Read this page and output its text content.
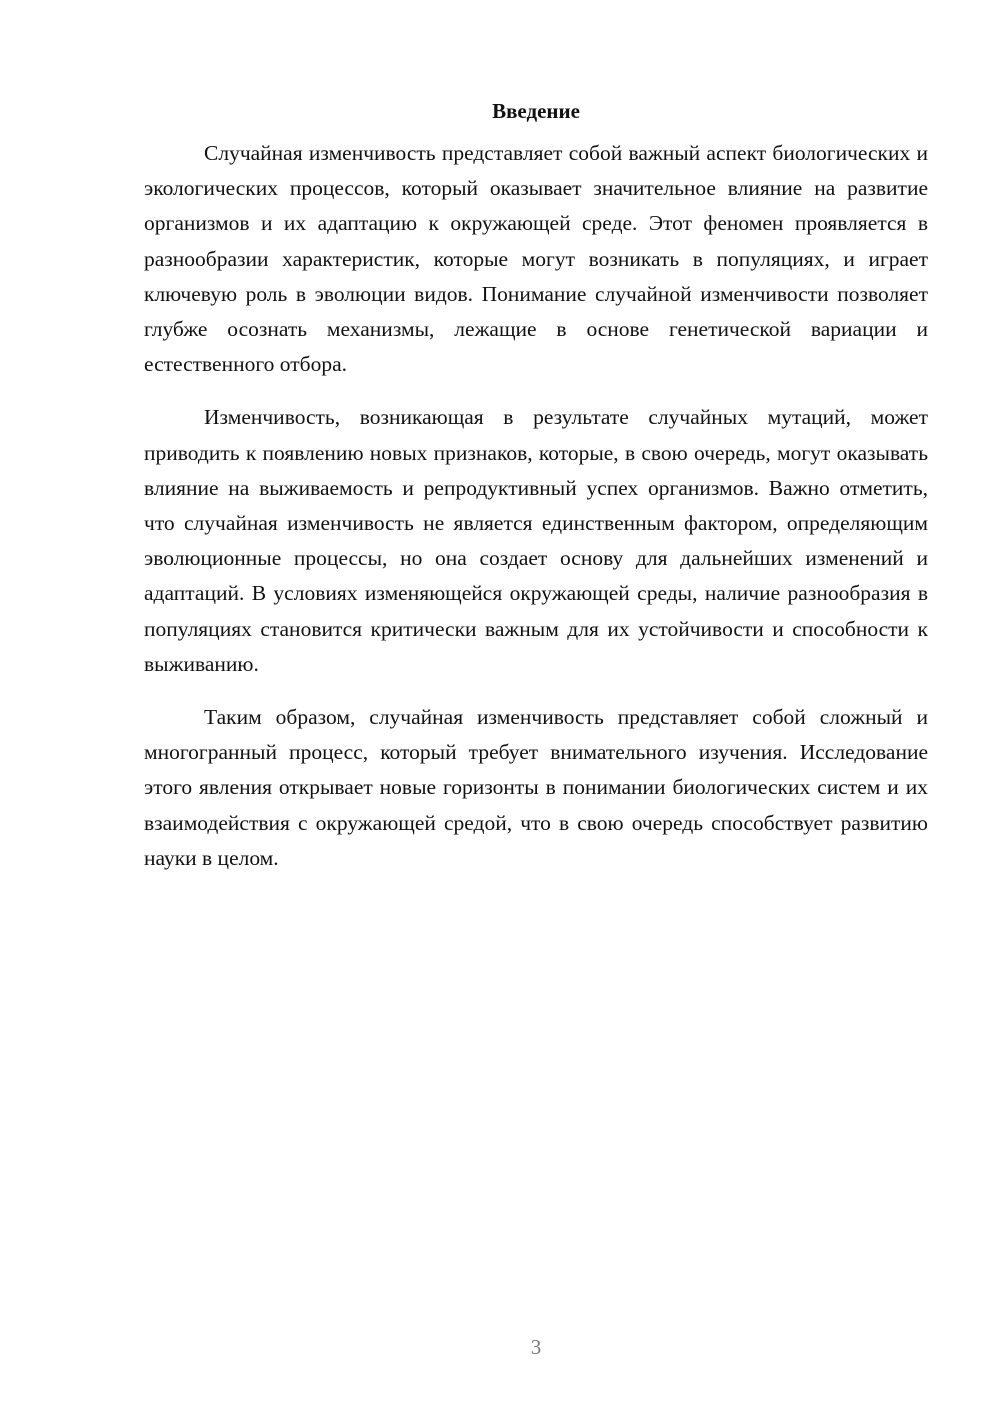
Введение

Случайная изменчивость представляет собой важный аспект биологических и экологических процессов, который оказывает значительное влияние на развитие организмов и их адаптацию к окружающей среде. Этот феномен проявляется в разнообразии характеристик, которые могут возникать в популяциях, и играет ключевую роль в эволюции видов. Понимание случайной изменчивости позволяет глубже осознать механизмы, лежащие в основе генетической вариации и естественного отбора.

Изменчивость, возникающая в результате случайных мутаций, может приводить к появлению новых признаков, которые, в свою очередь, могут оказывать влияние на выживаемость и репродуктивный успех организмов. Важно отметить, что случайная изменчивость не является единственным фактором, определяющим эволюционные процессы, но она создает основу для дальнейших изменений и адаптаций. В условиях изменяющейся окружающей среды, наличие разнообразия в популяциях становится критически важным для их устойчивости и способности к выживанию.

Таким образом, случайная изменчивость представляет собой сложный и многогранный процесс, который требует внимательного изучения. Исследование этого явления открывает новые горизонты в понимании биологических систем и их взаимодействия с окружающей средой, что в свою очередь способствует развитию науки в целом.

3
